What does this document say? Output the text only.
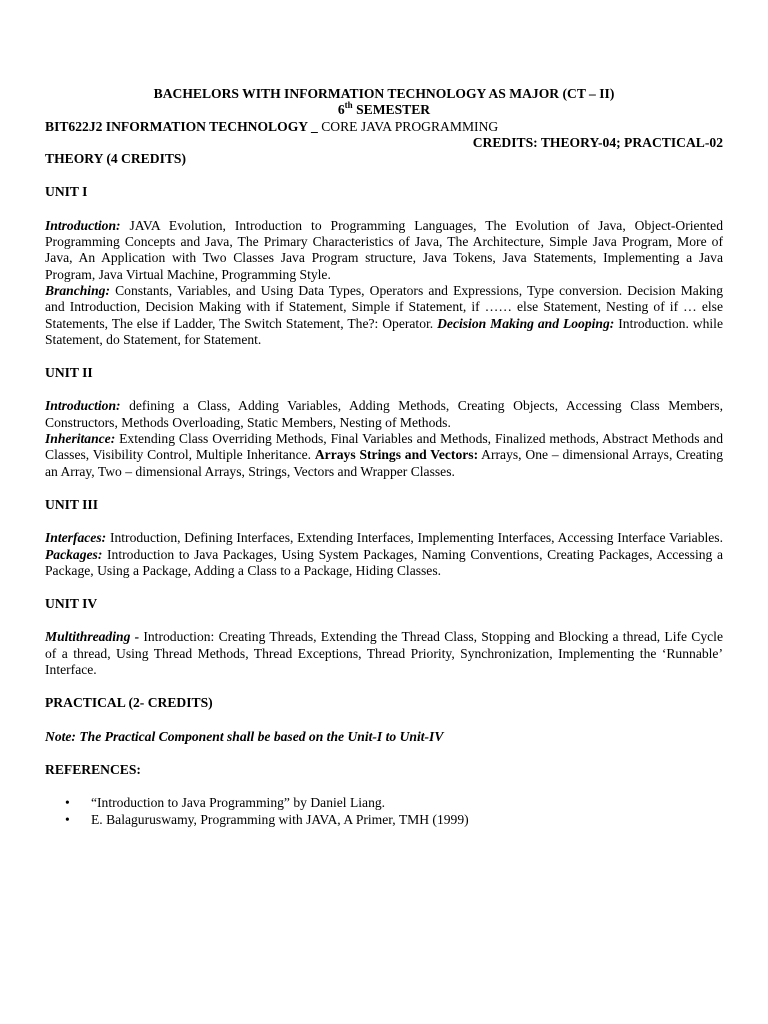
BACHELORS WITH INFORMATION TECHNOLOGY AS MAJOR (CT – II)
6th SEMESTER
BIT622J2 INFORMATION TECHNOLOGY _ CORE JAVA PROGRAMMING
CREDITS: THEORY-04; PRACTICAL-02
THEORY (4 CREDITS)
UNIT I
Introduction: JAVA Evolution, Introduction to Programming Languages, The Evolution of Java, Object-Oriented Programming Concepts and Java, The Primary Characteristics of Java, The Architecture, Simple Java Program, More of Java, An Application with Two Classes Java Program structure, Java Tokens, Java Statements, Implementing a Java Program, Java Virtual Machine, Programming Style.
Branching: Constants, Variables, and Using Data Types, Operators and Expressions, Type conversion. Decision Making and Introduction, Decision Making with if Statement, Simple if Statement, if …… else Statement, Nesting of if … else Statements, The else if Ladder, The Switch Statement, The?: Operator. Decision Making and Looping: Introduction. while Statement, do Statement, for Statement.
UNIT II
Introduction: defining a Class, Adding Variables, Adding Methods, Creating Objects, Accessing Class Members, Constructors, Methods Overloading, Static Members, Nesting of Methods.
Inheritance: Extending Class Overriding Methods, Final Variables and Methods, Finalized methods, Abstract Methods and Classes, Visibility Control, Multiple Inheritance. Arrays Strings and Vectors: Arrays, One – dimensional Arrays, Creating an Array, Two – dimensional Arrays, Strings, Vectors and Wrapper Classes.
UNIT III
Interfaces: Introduction, Defining Interfaces, Extending Interfaces, Implementing Interfaces, Accessing Interface Variables. Packages: Introduction to Java Packages, Using System Packages, Naming Conventions, Creating Packages, Accessing a Package, Using a Package, Adding a Class to a Package, Hiding Classes.
UNIT IV
Multithreading - Introduction: Creating Threads, Extending the Thread Class, Stopping and Blocking a thread, Life Cycle of a thread, Using Thread Methods, Thread Exceptions, Thread Priority, Synchronization, Implementing the ‘Runnable’ Interface.
PRACTICAL (2- CREDITS)
Note: The Practical Component shall be based on the Unit-I to Unit-IV
REFERENCES:
• “Introduction to Java Programming” by Daniel Liang.
• E. Balaguruswamy, Programming with JAVA, A Primer, TMH (1999)
